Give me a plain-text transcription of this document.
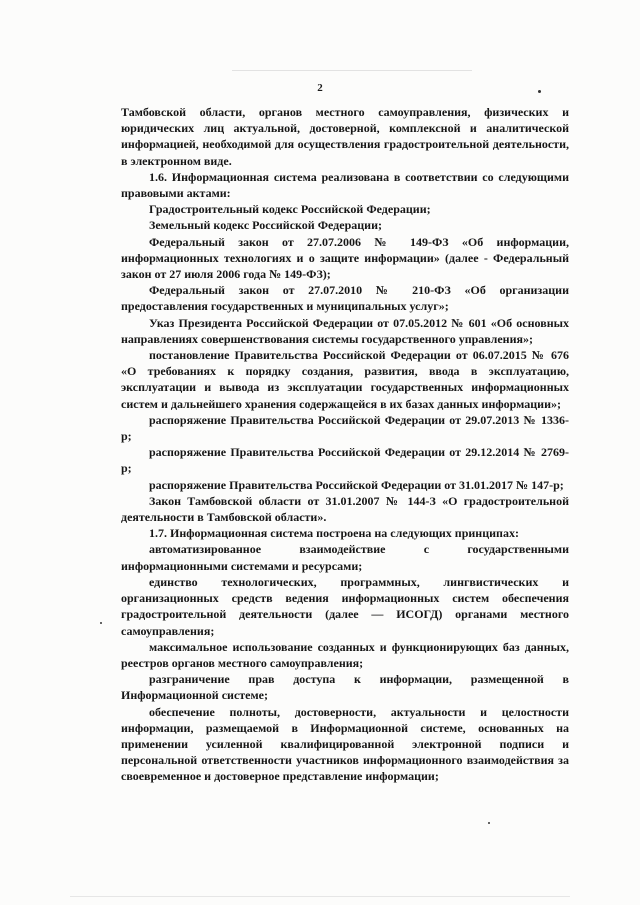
2

Тамбовской области, органов местного самоуправления, физических и юридических лиц актуальной, достоверной, комплексной и аналитической информацией, необходимой для осуществления градостроительной деятельности, в электронном виде.

1.6. Информационная система реализована в соответствии со следующими правовыми актами:

Градостроительный кодекс Российской Федерации;

Земельный кодекс Российской Федерации;

Федеральный закон от 27.07.2006 № 149-ФЗ «Об информации, информационных технологиях и о защите информации» (далее - Федеральный закон от 27 июля 2006 года № 149-ФЗ);

Федеральный закон от 27.07.2010 № 210-ФЗ «Об организации предоставления государственных и муниципальных услуг»;

Указ Президента Российской Федерации от 07.05.2012 № 601 «Об основных направлениях совершенствования системы государственного управления»;

постановление Правительства Российской Федерации от 06.07.2015 № 676 «О требованиях к порядку создания, развития, ввода в эксплуатацию, эксплуатации и вывода из эксплуатации государственных информационных систем и дальнейшего хранения содержащейся в их базах данных информации»;

распоряжение Правительства Российской Федерации от 29.07.2013 № 1336-р;

распоряжение Правительства Российской Федерации от 29.12.2014 № 2769-р;

распоряжение Правительства Российской Федерации от 31.01.2017 № 147-р;

Закон Тамбовской области от 31.01.2007 № 144-З «О градостроительной деятельности в Тамбовской области».

1.7. Информационная система построена на следующих принципах:

автоматизированное взаимодействие с государственными информационными системами и ресурсами;

единство технологических, программных, лингвистических и организационных средств ведения информационных систем обеспечения градостроительной деятельности (далее — ИСОГД) органами местного самоуправления;

максимальное использование созданных и функционирующих баз данных, реестров органов местного самоуправления;

разграничение прав доступа к информации, размещенной в Информационной системе;

обеспечение полноты, достоверности, актуальности и целостности информации, размещаемой в Информационной системе, основанных на применении усиленной квалифицированной электронной подписи и персональной ответственности участников информационного взаимодействия за своевременное и достоверное представление информации;
